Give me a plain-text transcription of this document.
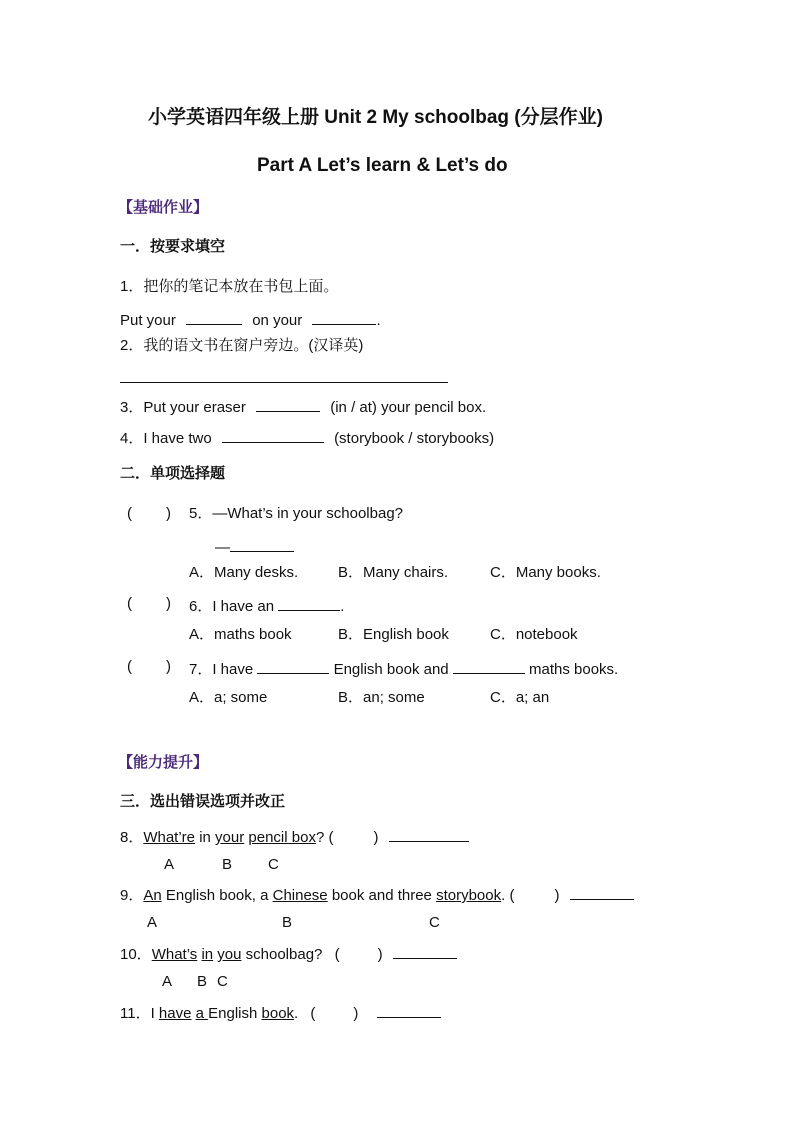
小学英语四年级上册 Unit 2 My schoolbag (分层作业)
Part A Let’s learn & Let’s do
【基础作业】
一．按要求填空
1．把你的笔记本放在书包上面。
Put your	on your	.
2．我的语文书在窗户旁边。(汉译英)
3．Put your eraser	(in / at) your pencil box.
4．I have two	(storybook / storybooks)
二．单项选择题
( ) 5．—What’s in your schoolbag?
—
A．Many desks.	B．Many chairs.	C．Many books.
( ) 6．I have an	.
A．maths book	B．English book	C．notebook
( ) 7．I have	English book and	maths books.
A．a; some	B．an; some	C．a; an
【能力提升】
三．选出错误选项并改正
8．What’re in your pencil box? (	)
A	B C
9．An English book, a Chinese book and three storybook. (	)
A	B	C
10．What’s in you schoolbag? (	)
A B C
11．I have a English book. (	)
